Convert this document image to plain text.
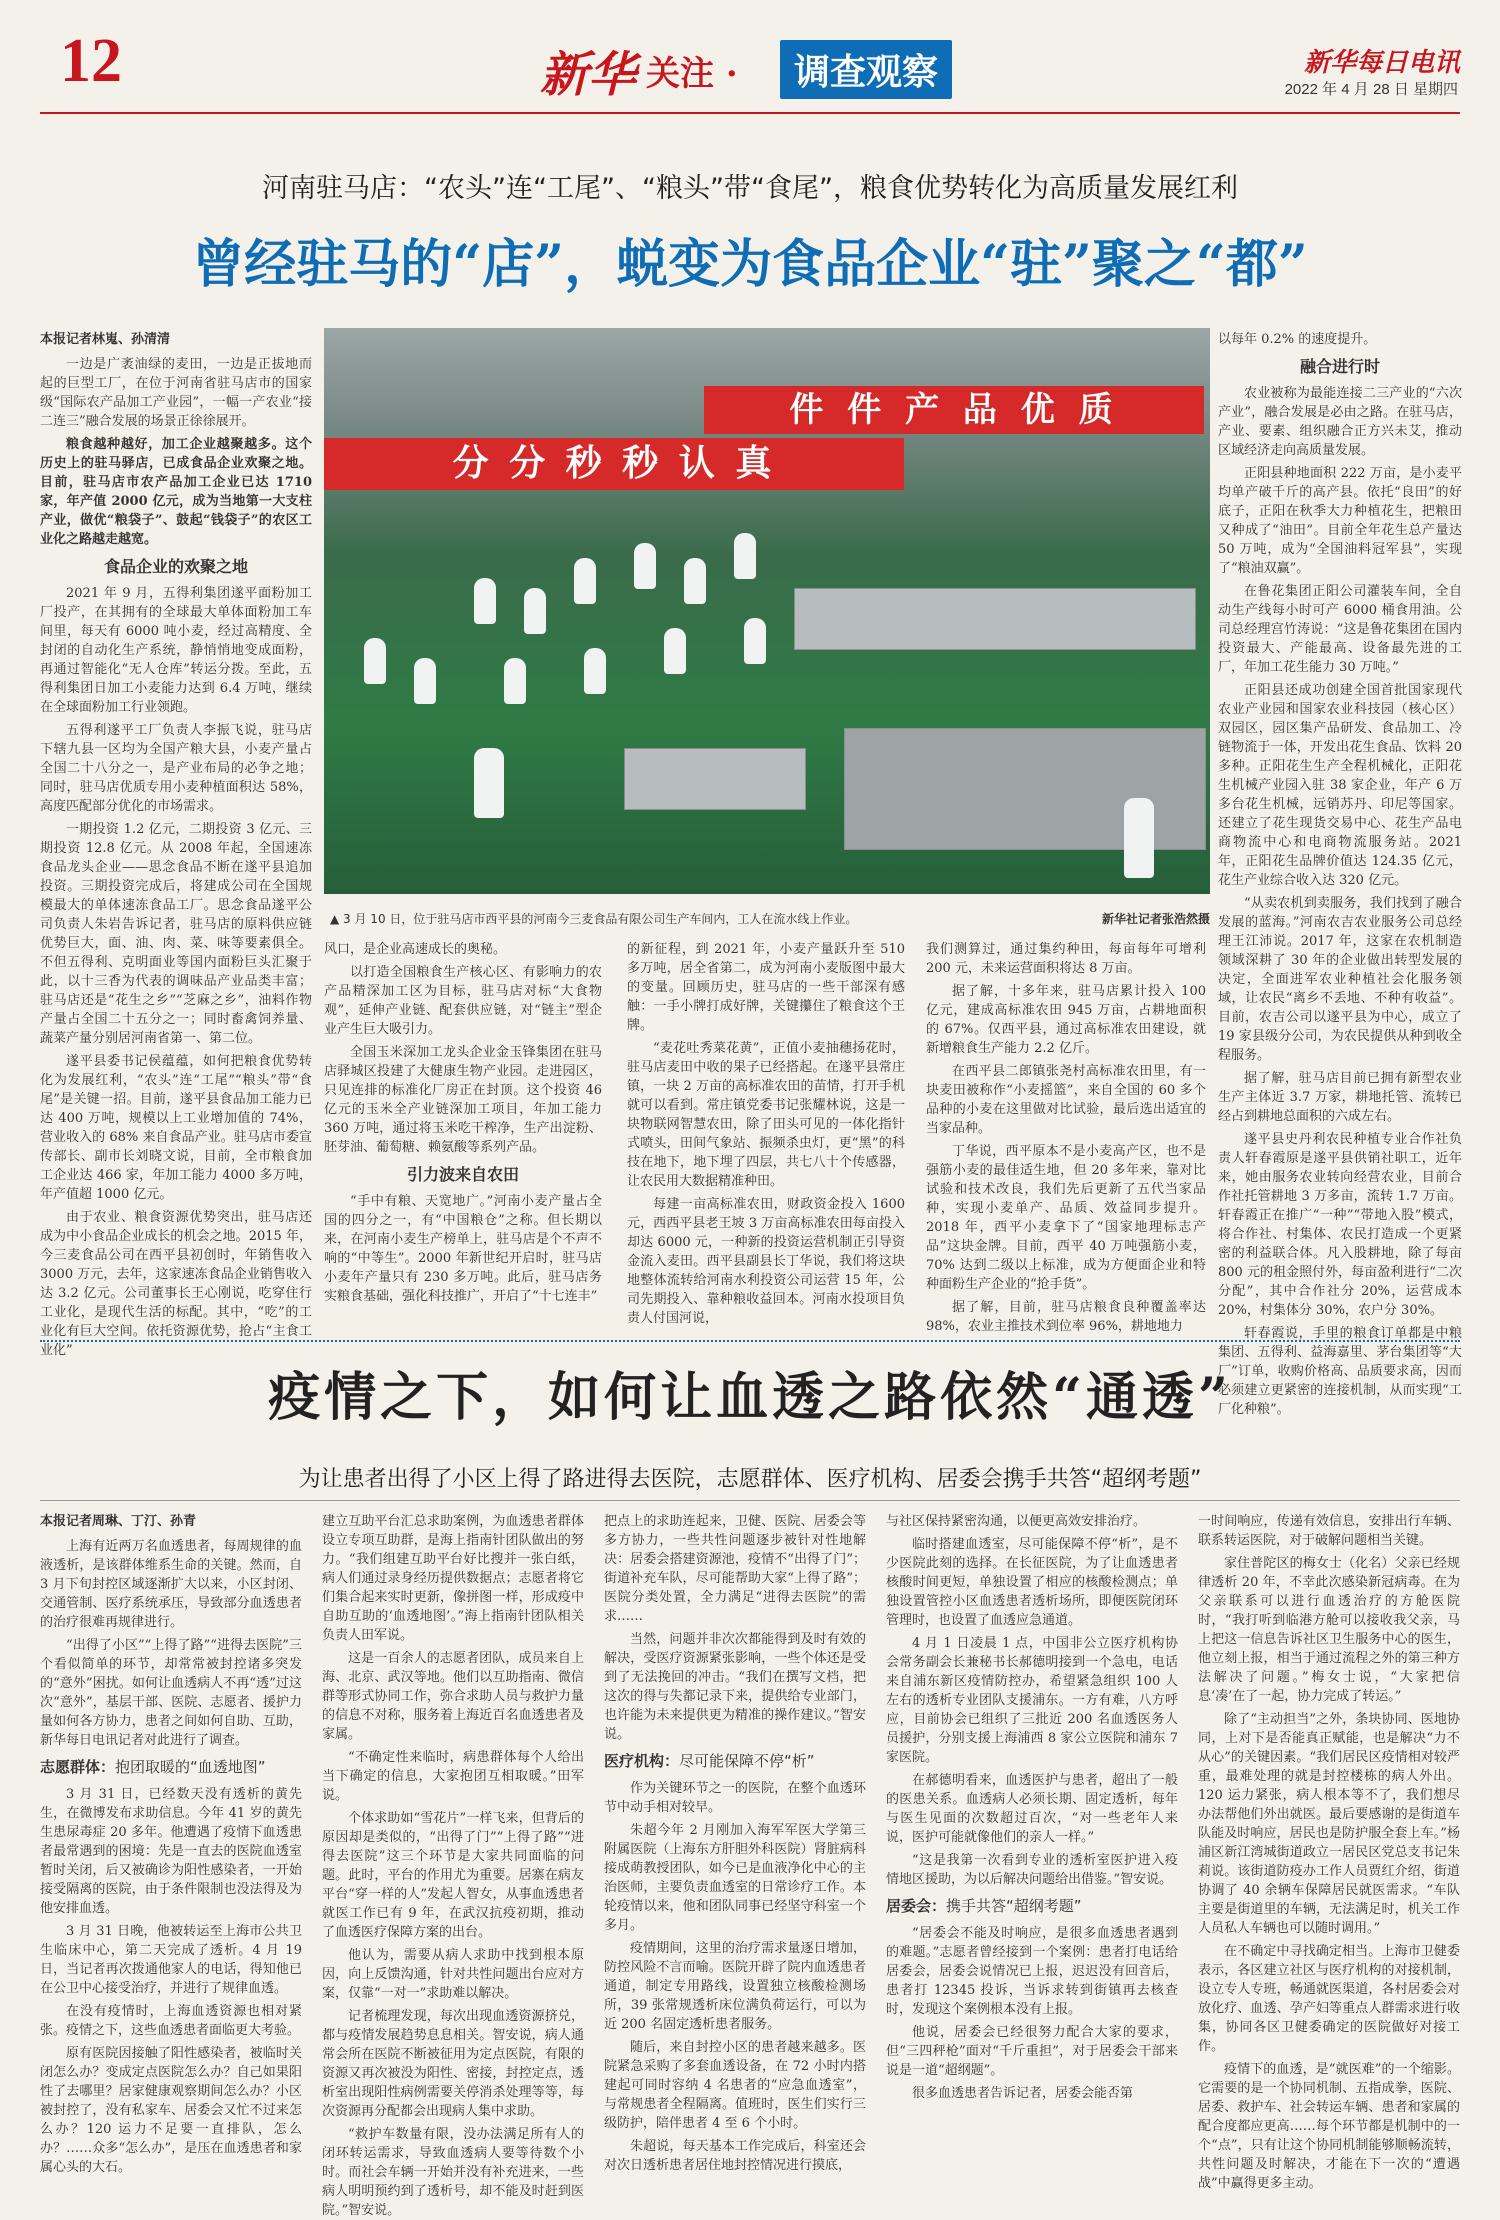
12	新华 关注 ·	调查观察	新华每日电讯
2022 年 4 月 28 日 星期四
河南驻马店：“农头”连“工尾”、“粮头”带“食尾”，粮食优势转化为高质量发展红利
曾经驻马的“店”，蜕变为食品企业“驻”聚之“都”
本报记者林嵬、孙清清

一边是广袤油绿的麦田，一边是正拔地而起的巨型工厂，在位于河南省驻马店市的国家级“国际农产品加工产业园”，一幅一产农业“接二连三”融合发展的场景正徐徐展开。

粮食越种越好，加工企业越聚越多。这个历史上的驻马驿店，已成食品企业欢聚之地。目前，驻马店市农产品加工企业已达 1710 家，年产值 2000 亿元，成为当地第一大支柱产业，做优“粮袋子”、鼓起“钱袋子”的农区工业化之路越走越宽。

食品企业的欢聚之地

2021 年 9 月，五得利集团遂平面粉加工厂投产，在其拥有的全球最大单体面粉加工车间里，每天有 6000 吨小麦，经过高精度、全封闭的自动化生产系统，静悄悄地变成面粉，再通过智能化“无人仓库”转运分拨。至此，五得利集团日加工小麦能力达到 6.4 万吨，继续在全球面粉加工行业领跑。

五得利遂平工厂负责人李振飞说，驻马店下辖九县一区均为全国产粮大县，小麦产量占全国二十八分之一，是产业布局的必争之地；同时，驻马店优质专用小麦种植面积达 58%，高度匹配部分优化的市场需求。

一期投资 1.2 亿元，二期投资 3 亿元、三期投资 12.8 亿元。从 2008 年起，全国速冻食品龙头企业——思念食品不断在遂平县追加投资。三期投资完成后，将建成公司在全国规模最大的单体速冻食品工厂。思念食品遂平公司负责人朱岩告诉记者，驻马店的原料供应链优势巨大，面、油、肉、菜、味等要素俱全。不但五得利、克明面业等国内面粉巨头汇聚于此，以十三香为代表的调味品产业品类丰富；驻马店还是“花生之乡”“芝麻之乡”，油料作物产量占全国二十五分之一；同时畜禽饲养量、蔬菜产量分别居河南省第一、第二位。

遂平县委书记侯蕴蕴，如何把粮食优势转化为发展红利，“农头”连“工尾”“粮头”带“食尾”是关键一招。目前，遂平县食品加工能力已达 400 万吨，规模以上工业增加值的 74%，营业收入的 68% 来自食品产业。驻马店市委宣传部长、副市长刘晓文说，目前，全市粮食加工企业达 466 家，年加工能力 4000 多万吨，年产值超 1000 亿元。

由于农业、粮食资源优势突出，驻马店还成为中小食品企业成长的机会之地。2015 年，今三麦食品公司在西平县初创时，年销售收入 3000 万元，去年，这家速冻食品企业销售收入达 3.2 亿元。公司董事长王心刚说，吃穿住行工业化，是现代生活的标配。其中，“吃”的工业化有巨大空间。依托资源优势，抢占“主食工业化”

件 件 产 品 优 质
分 分 秒 秒 认 真
▲ 3 月 10 日，位于驻马店市西平县的河南今三麦食品有限公司生产车间内，工人在流水线上作业。	新华社记者张浩然摄

风口，是企业高速成长的奥秘。

以打造全国粮食生产核心区、有影响力的农产品精深加工区为目标，驻马店对标“大食物观”，延伸产业链、配套供应链，对“链主”型企业产生巨大吸引力。

全国玉米深加工龙头企业金玉锋集团在驻马店驿城区投建了大健康生物产业园。走进园区，只见连排的标准化厂房正在封顶。这个投资 46 亿元的玉米全产业链深加工项目，年加工能力 360 万吨，通过将玉米吃干榨净，生产出淀粉、胚芽油、葡萄糖、赖氨酸等系列产品。

引力波来自农田

“手中有粮、天宽地广。”河南小麦产量占全国的四分之一，有“中国粮仓”之称。但长期以来，在河南小麦生产榜单上，驻马店是个不声不响的“中等生”。2000 年新世纪开启时，驻马店小麦年产量只有 230 多万吨。此后，驻马店务实粮食基础，强化科技推广，开启了“十七连丰”

的新征程，到 2021 年，小麦产量跃升至 510 多万吨，居全省第二，成为河南小麦版图中最大的变量。回顾历史，驻马店的一些干部深有感触：一手小牌打成好牌，关键攥住了粮食这个王牌。

“麦花吐秀菜花黄”，正值小麦抽穗扬花时，驻马店麦田中收的果子已经搭起。在遂平县常庄镇，一块 2 万亩的高标准农田的苗情，打开手机就可以看到。常庄镇党委书记张耀林说，这是一块物联网智慧农田，除了田头可见的一体化指针式喷头，田间气象站、振频杀虫灯，更“黑”的科技在地下，地下埋了四层，共七八十个传感器，让农民用大数据精准种田。

每建一亩高标准农田，财政资金投入 1600 元，西西平县老王坡 3 万亩高标准农田每亩投入却达 6000 元，一种新的投资运营机制正引导资金流入麦田。西平县副县长丁华说，我们将这块地整体流转给河南水利投资公司运营 15 年，公司先期投入、靠种粮收益回本。河南水投项目负责人付国河说，

我们测算过，通过集约种田，每亩每年可增利 200 元，未来运营面积将达 8 万亩。

据了解，十多年来，驻马店累计投入 100 亿元，建成高标准农田 945 万亩，占耕地面积的 67%。仅西平县，通过高标准农田建设，就新增粮食生产能力 2.2 亿斤。

在西平县二郎镇张尧村高标准农田里，有一块麦田被称作“小麦摇篮”，来自全国的 60 多个品种的小麦在这里做对比试验，最后选出适宜的当家品种。

丁华说，西平原本不是小麦高产区，也不是强筋小麦的最佳适生地，但 20 多年来，靠对比试验和技术改良，我们先后更新了五代当家品种，实现小麦单产、品质、效益同步提升。2018 年，西平小麦拿下了“国家地理标志产品”这块金牌。目前，西平 40 万吨强筋小麦，70% 达到二级以上标准，成为方便面企业和特种面粉生产企业的“抢手货”。

据了解，目前，驻马店粮食良种覆盖率达 98%，农业主推技术到位率 96%，耕地地力

以每年 0.2% 的速度提升。

融合进行时

农业被称为最能连接二三产业的“六次产业”，融合发展是必由之路。在驻马店，产业、要素、组织融合正方兴未艾，推动区域经济走向高质量发展。

正阳县种地面积 222 万亩，是小麦平均单产破千斤的高产县。依托“良田”的好底子，正阳在秋季大力种植花生，把粮田又种成了“油田”。目前全年花生总产量达 50 万吨，成为“全国油料冠军县”，实现了“粮油双赢”。

在鲁花集团正阳公司灌装车间，全自动生产线每小时可产 6000 桶食用油。公司总经理宫竹涛说：“这是鲁花集团在国内投资最大、产能最高、设备最先进的工厂，年加工花生能力 30 万吨。”

正阳县还成功创建全国首批国家现代农业产业园和国家农业科技园（核心区）双园区，园区集产品研发、食品加工、冷链物流于一体，开发出花生食品、饮料 20 多种。正阳花生生产全程机械化，正阳花生机械产业园入驻 38 家企业，年产 6 万多台花生机械，远销苏丹、印尼等国家。还建立了花生现货交易中心、花生产品电商物流中心和电商物流服务站。2021 年，正阳花生品牌价值达 124.35 亿元，花生产业综合收入达 320 亿元。

“从卖农机到卖服务，我们找到了融合发展的蓝海。”河南农吉农业服务公司总经理王江沛说。2017 年，这家在农机制造领域深耕了 30 年的企业做出转型发展的决定，全面进军农业种植社会化服务领域，让农民“离乡不丢地、不种有收益”。目前，农吉公司以遂平县为中心，成立了 19 家县级分公司，为农民提供从种到收全程服务。

据了解，驻马店目前已拥有新型农业生产主体近 3.7 万家，耕地托管、流转已经占到耕地总面积的六成左右。

遂平县史丹利农民种植专业合作社负责人轩春霞原是遂平县供销社职工，近年来，她由服务农业转向经营农业，目前合作社托管耕地 3 万多亩，流转 1.7 万亩。轩春霞正在推广“一种”“带地入股”模式，将合作社、村集体、农民打造成一个更紧密的利益联合体。凡入股耕地，除了每亩 800 元的租金照付外，每亩盈利进行“二次分配”，其中合作社分 20%，运营成本 20%，村集体分 30%，农户分 30%。

轩春霞说，手里的粮食订单都是中粮集团、五得利、益海嘉里、茅台集团等“大厂”订单，收购价格高、品质要求高，因而必须建立更紧密的连接机制，从而实现“工厂化种粮”。

疫情之下，如何让血透之路依然“通透”
为让患者出得了小区上得了路进得去医院，志愿群体、医疗机构、居委会携手共答“超纲考题”
本报记者周琳、丁汀、孙青

上海有近两万名血透患者，每周规律的血液透析，是该群体维系生命的关键。然而，自 3 月下旬封控区域逐渐扩大以来，小区封闭、交通管制、医疗系统承压，导致部分血透患者的治疗很难再规律进行。

“出得了小区”“上得了路”“进得去医院”三个看似简单的环节，却常常被封控诸多突发的“意外”困扰。如何让血透病人不再“透”过这次“意外”，基层干部、医院、志愿者、援护力量如何各方协力，患者之间如何自助、互助，新华每日电讯记者对此进行了调查。

志愿群体：抱团取暖的“血透地图”

3 月 31 日，已经数天没有透析的黄先生，在微博发布求助信息。今年 41 岁的黄先生患尿毒症 20 多年。他遭遇了疫情下血透患者最常遇到的困境：先是一直去的医院血透室暂时关闭，后又被确诊为阳性感染者，一开始接受隔离的医院，由于条件限制也没法得及为他安排血透。

3 月 31 日晚，他被转运至上海市公共卫生临床中心，第二天完成了透析。4 月 19 日，当记者再次拨通他家人的电话，得知他已在公卫中心接受治疗，并进行了规律血透。

在没有疫情时，上海血透资源也相对紧张。疫情之下，这些血透患者面临更大考验。

原有医院因接触了阳性感染者，被临时关闭怎么办？变成定点医院怎么办？自己如果阳性了去哪里？居家健康观察期间怎么办？小区被封控了，没有私家车、居委会又忙不过来怎么办？120 运力不足要一直排队，怎么办？……众多“怎么办”，是压在血透患者和家属心头的大石。

建立互助平台汇总求助案例，为血透患者群体设立专项互助群，是海上指南针团队做出的努力。“我们组建互助平台好比搜并一张白纸，病人们通过录身经历提供数据点；志愿者将它们集合起来实时更新，像拼图一样，形成疫中自助互助的‘血透地图’。”海上指南针团队相关负责人田军说。

这是一百余人的志愿者团队，成员来自上海、北京、武汉等地。他们以互助指南、微信群等形式协同工作，弥合求助人员与救护力量的信息不对称，服务着上海近百名血透患者及家属。

“不确定性来临时，病患群体每个人给出当下确定的信息，大家抱团互相取暖。”田军说。

个体求助如“雪花片”一样飞来，但背后的原因却是类似的，“出得了门”“上得了路”“进得去医院”这三个环节是大家共同面临的问题。此时，平台的作用尤为重要。居寨在病友平台“穿一样的人”发起人智女，从事血透患者就医工作已有 9 年，在武汉抗疫初期，推动了血透医疗保障方案的出台。

他认为，需要从病人求助中找到根本原因，向上反馈沟通，针对共性问题出台应对方案，仅靠“一对一”求助难以解决。

记者梳理发现，每次出现血透资源挤兑，都与疫情发展趋势息息相关。智安说，病人通常会所在医院不断被征用为定点医院，有限的资源又再次被没为阳性、密接，封控定点，透析室出现阳性病例需要关停消杀处理等等，每次资源再分配都会出现病人集中求助。

“救护车数量有限，没办法满足所有人的闭环转运需求，导致血透病人要等待数个小时。而社会车辆一开始并没有补充进来，一些病人明明预约到了透析号，却不能及时赶到医院。”智安说。

把点上的求助连起来，卫健、医院、居委会等多方协力，一些共性问题逐步被针对性地解决：居委会搭建资源池，疫情不“出得了门”；街道补充车队，尽可能帮助大家“上得了路”；医院分类处置，全力满足“进得去医院”的需求……

当然，问题并非次次都能得到及时有效的解决，受医疗资源紧张影响，一些个体还是受到了无法挽回的冲击。“我们在撰写文档，把这次的得与失都记录下来，提供给专业部门，也许能为未来提供更为精准的操作建议。”智安说。

医疗机构：尽可能保障不停“析”

作为关键环节之一的医院，在整个血透环节中动手相对较早。

朱超今年 2 月刚加入海军军医大学第三附属医院（上海东方肝胆外科医院）肾脏病科接成萌教授团队，如今已是血液净化中心的主治医师，主要负责血透室的日常诊疗工作。本轮疫情以来，他和团队同事已经坚守科室一个多月。

疫情期间，这里的治疗需求量逐日增加，防控风险不言而喻。医院开辟了院内血透患者通道，制定专用路线，设置独立核酸检测场所，39 张常规透析床位满负荷运行，可以为近 200 名固定透析患者服务。

随后，来自封控小区的患者越来越多。医院紧急采购了多套血透设备，在 72 小时内搭建起可同时容纳 4 名患者的“应急血透室”，与常规患者全程隔离。值班时，医生们实行三级防护，陪伴患者 4 至 6 个小时。

朱超说，每天基本工作完成后，科室还会对次日透析患者居住地封控情况进行摸底，

与社区保持紧密沟通，以便更高效安排治疗。

临时搭建血透室，尽可能保障不停“析”，是不少医院此刻的选择。在长征医院，为了让血透患者核酸时间更短，单独设置了相应的核酸检测点；单独设置管控小区血透患者透析场所，即便医院闭环管理时，也设置了血透应急通道。

4 月 1 日凌晨 1 点，中国非公立医疗机构协会常务副会长兼秘书长郝德明接到一个急电，电话来自浦东新区疫情防控办，希望紧急组织 100 人左右的透析专业团队支援浦东。一方有难，八方呼应，目前协会已组织了三批近 200 名血透医务人员援护，分别支援上海浦西 8 家公立医院和浦东 7 家医院。

在郝德明看来，血透医护与患者，超出了一般的医患关系。血透病人必须长期、固定透析，每年与医生见面的次数超过百次，“对一些老年人来说，医护可能就像他们的亲人一样。”

“这是我第一次看到专业的透析室医护进入疫情地区援助，为以后解决问题给出借鉴。”智安说。

居委会：携手共答“超纲考题”

“居委会不能及时响应，是很多血透患者遇到的难题。”志愿者曾经接到一个案例：患者打电话给居委会，居委会说情况已上报，迟迟没有回音后，患者打 12345 投诉，当诉求转到街镇再去核查时，发现这个案例根本没有上报。

他说，居委会已经很努力配合大家的要求，但“三四秤枪”面对“千斤重担”，对于居委会干部来说是一道“超纲题”。

很多血透患者告诉记者，居委会能否第

一时间响应，传递有效信息，安排出行车辆、联系转运医院，对于破解问题相当关键。

家住普陀区的梅女士（化名）父亲已经规律透析 20 年，不幸此次感染新冠病毒。在为父亲联系可以进行血透治疗的方舱医院时，“我打听到临港方舱可以接收我父亲，马上把这一信息告诉社区卫生服务中心的医生，他立刻上报，相当于通过流程之外的第三种方法解决了问题。”梅女士说，“大家把信息‘凑’在了一起，协力完成了转运。”

除了“主动担当”之外，条块协同、医地协同，上对下是否能真正赋能，也是解决“力不从心”的关键因素。“我们居民区疫情相对较严重，最难处理的就是封控楼栋的病人外出。120 运力紧张，病人根本等不了，我们想尽办法帮他们外出就医。最后要感谢的是街道车队能及时响应，居民也是防护服全套上车。”杨浦区新江湾城街道政立一居民区党总支书记朱莉说。该街道防疫办工作人员贾红介绍，街道协调了 40 余辆车保障居民就医需求。“车队主要是街道里的车辆，无法满足时，机关工作人员私人车辆也可以随时调用。”

在不确定中寻找确定相当。上海市卫健委表示，各区建立社区与医疗机构的对接机制，设立专人专班，畅通就医渠道，各村居委会对放化疗、血透、孕产妇等重点人群需求进行收集，协同各区卫健委确定的医院做好对接工作。

疫情下的血透，是“就医难”的一个缩影。它需要的是一个协同机制、五指成拳，医院、居委、救护车、社会转运车辆、患者和家属的配合度都应更高……每个环节都是机制中的一个“点”，只有让这个协同机制能够顺畅流转，共性问题及时解决，才能在下一次的“遭遇战”中赢得更多主动。
